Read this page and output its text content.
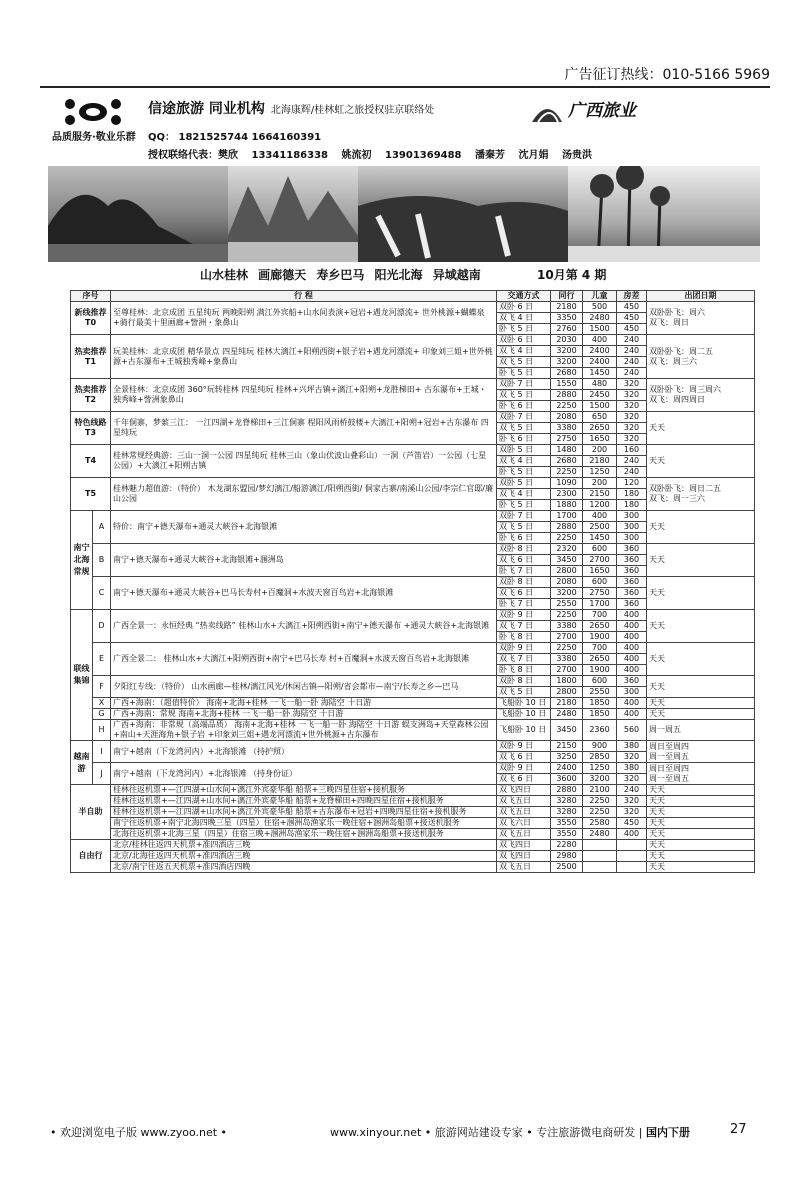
广告征订热线：010-5166 5969
信途旅游 同业机构 北海康辉/桂林虹之旅授权驻京联络处
品质服务·敬业乐群 QQ： 1821525744 1664160391
授权联络代表：樊欣 13341186338 姚流初 13901369488 潘秦芳 沈月娟 汤贵洪
广西旅业
山水桂林 画廊德天 寿乡巴马 阳光北海 异域越南	10月第 4 期
序号		行 程	交通方式	同行	儿童	房差	出团日期
新线推荐 T0		至尊桂林：北京成团 五星纯玩 两晚阳朔 满江外宾船+山水间表演+冠岩+遇龙河漂流+ 世外桃源+蝴蝶泉+骑行最美十里画廊+訾洲・象鼻山	双卧 6 日	2180	500	450	双卧卧飞：周六
双飞：周日
			双飞 4 日	3350	2480	450	
			卧飞 5 日	2760	1500	450	
热卖推荐 T1		玩美桂林：北京成团 精华景点 四星纯玩 桂林大漓江+阳朔西街+银子岩+遇龙河漂流+ 印象刘三姐+世外桃源+古东瀑布+王城独秀峰+象鼻山	双卧 6 日	2030	400	240	双卧卧飞：周二五
双飞：周三六
			双飞 4 日	3200	2400	240	
			双飞 5 日	3200	2400	240	
			卧飞 5 日	2680	1450	240	
热卖推荐 T2		全景桂林：北京成团 360°玩转桂林 四星纯玩 桂林+兴坪古镇+漓江+阳朔+龙胜梯田+ 古东瀑布+王城・独秀峰+訾洲象鼻山	双卧 7 日	1550	480	320	双卧卧飞：周三周六
双飞：周四周日
			双飞 5 日	2880	2450	320	
			卧飞 6 日	2250	1500	320	
特色线路 T3		千年侗寨，梦萦三江： 一江四湖+龙脊梯田+三江侗寨 程阳风雨桥鼓楼+大漓江+阳朔+冠岩+古东瀑布 四星纯玩	双卧 7 日	2080	650	320	天天
			双飞 5 日	3380	2650	320	
			卧飞 6 日	2750	1650	320	
T4		桂林常规经典游：三山一洞一公园 四星纯玩 桂林三山（象山伏波山叠彩山）一洞（芦笛岩）一公园（七星公园）+大漓江+阳朔古镇	双卧 5 日	1480	200	160	天天
			双飞 4 日	2680	2180	240	
			卧飞 5 日	2250	1250	240	
T5		桂林魅力超值游：（特价） 木龙湖东盟园/梦幻漓江/船游漓江/阳朔西街/ 侗家古寨/南溪山公园/李宗仁官邸/廉山公园	双卧 5 日	1090	200	120	双卧卧飞：周日二五
双飞：周一三六
			双飞 4 日	2300	2150	180	
			卧飞 5 日	1880	1200	180	
南宁北海常规	A	特价：南宁+德天瀑布+通灵大峡谷+北海银滩	双卧 7 日	1700	400	300	天天
			双飞 5 日	2880	2500	300	
			卧飞 6 日	2250	1450	300	
	B	南宁+德天瀑布+通灵大峡谷+北海银滩+涠洲岛	双卧 8 日	2320	600	360	天天
			双飞 6 日	3450	2700	360	
			卧飞 7 日	2800	1650	360	
	C	南宁+德天瀑布+通灵大峡谷+巴马长寿村+百魔洞+水波天窗百鸟岩+北海银滩	双卧 8 日	2080	600	360	天天
			双飞 6 日	3200	2750	360	
			卧飞 7 日	2550	1700	360	
联线集锦	D	广西全景一：永恒经典 “热卖线路” 桂林山水+大漓江+阳朔西街+南宁+德天瀑布 +通灵大峡谷+北海银滩	双卧 9 日	2250	700	400	天天
			双飞 7 日	3380	2650	400	
			卧飞 8 日	2700	1900	400	
	E	广西全景二： 桂林山水+大漓江+阳朔西街+南宁+巴马长寿 村+百魔洞+水波天窗百鸟岩+北海银滩	双卧 9 日	2250	700	400	天天
			双飞 7 日	3380	2650	400	
			卧飞 8 日	2700	1900	400	
	F	夕阳红专线：（特价） 山水画廊—桂林/漓江风光/休闲古镇—阳朔/省会都市—南宁/长寿之乡—巴马	双卧 8 日	1800	600	360	天天
			双飞 5 日	2800	2550	300	
	X	广西+海南：（超值特价） 海南+北海+桂林 一飞一船一卧 海陆空 十日游	飞船卧 10 日	2180	1850	400	天天
	G	广西+海南：常规 海南+北海+桂林 一飞一船一卧 海陆空 十日游	飞船卧 10 日	2480	1850	400	天天
	H	广西+海南：非常规（高端品质） 海南+北海+桂林 一飞一船一卧 海陆空 十日游 蜈支洲岛+天堂森林公园+南山+天涯海角+银子岩 +印象刘三姐+遇龙河漂流+世外桃源+古东瀑布	飞船卧 10 日	3450	2360	560	周一周五
越南游	I	南宁+越南（下龙湾河内）+北海银滩 （持护照）	双卧 9 日	2150	900	380	周日至周四
周一至周五
			双飞 6 日	3250	2850	320	
	J	南宁+越南（下龙湾河内）+北海银滩 （持身份证）	双卧 9 日	2400	1250	380	周日至周四
周一至周五
			双飞 6 日	3600	3200	320	
半自助		桂林往返机票+—江四湖+山水间+漓江外宾豪华船 船票+三晚四星住宿+接机服务	双飞四日	2880	2100	240	天天
		桂林往返机票+—江四湖+山水间+漓江外宾豪华船 船票+龙脊梯田+四晚四星住宿+接机服务	双飞五日	3280	2250	320	天天
		桂林往返机票+—江四湖+山水间+漓江外宾豪华船 船票+古东瀑布+冠岩+四晚四星住宿+接机服务	双飞五日	3280	2250	320	天天
		南宁往返机票+南宁北海四晚三星（四星）住宿+涠洲岛渔家乐一晚住宿+涠洲岛船票+接送机服务	双飞六日	3550	2580	450	天天
		北海往返机票+北海三星（四星）住宿三晚+涠洲岛渔家乐一晚住宿+涠洲岛船票+接送机服务	双飞五日	3550	2480	400	天天
自由行		北京/桂林往返四天机票+准四酒店三晚	双飞四日	2280			天天
		北京/北海往返四天机票+准四酒店三晚	双飞四日	2980			天天
		北京/南宁往返五天机票+准四酒店四晚	双飞五日	2500			天天
• 欢迎浏览电子版 www.zyoo.net •	www.xinyour.net • 旅游网站建设专家 • 专注旅游微电商研发 | 国内下册	27
